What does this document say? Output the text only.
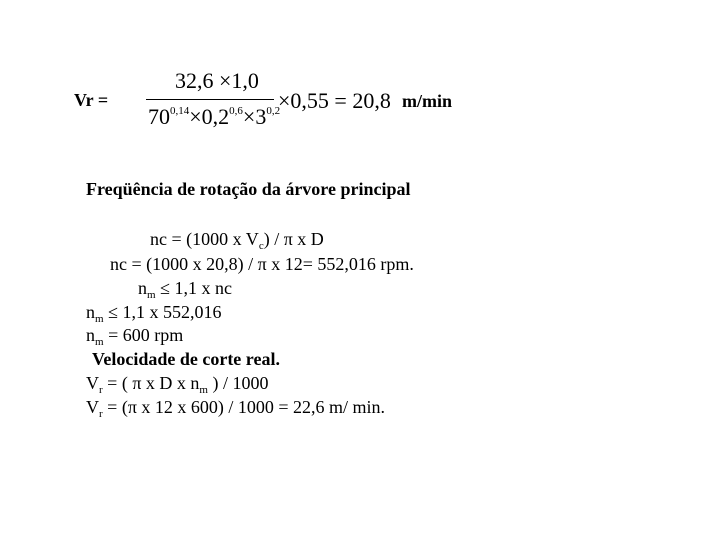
Vr =
32,6 ×1,0
$70^{0,14}\times 0,2^{0,6}\times 3^{0,2}$
×0,55 = 20,8 m/min
Freqüência de rotação da árvore principal
nc = (1000 x $V_c$) / π x D
nc = (1000 x 20,8) / π x 12= 552,016 rpm.
$n_m \le 1,1$ x nc
$n_m \le 1,1$ x 552,016
$n_m = 600$ rpm
Velocidade de corte real.
$V_r$ = ( π x D x $n_m$ ) / 1000
$V_r = (\pi$ x 12 x 600) / 1000 = 22,6 m/ min.
